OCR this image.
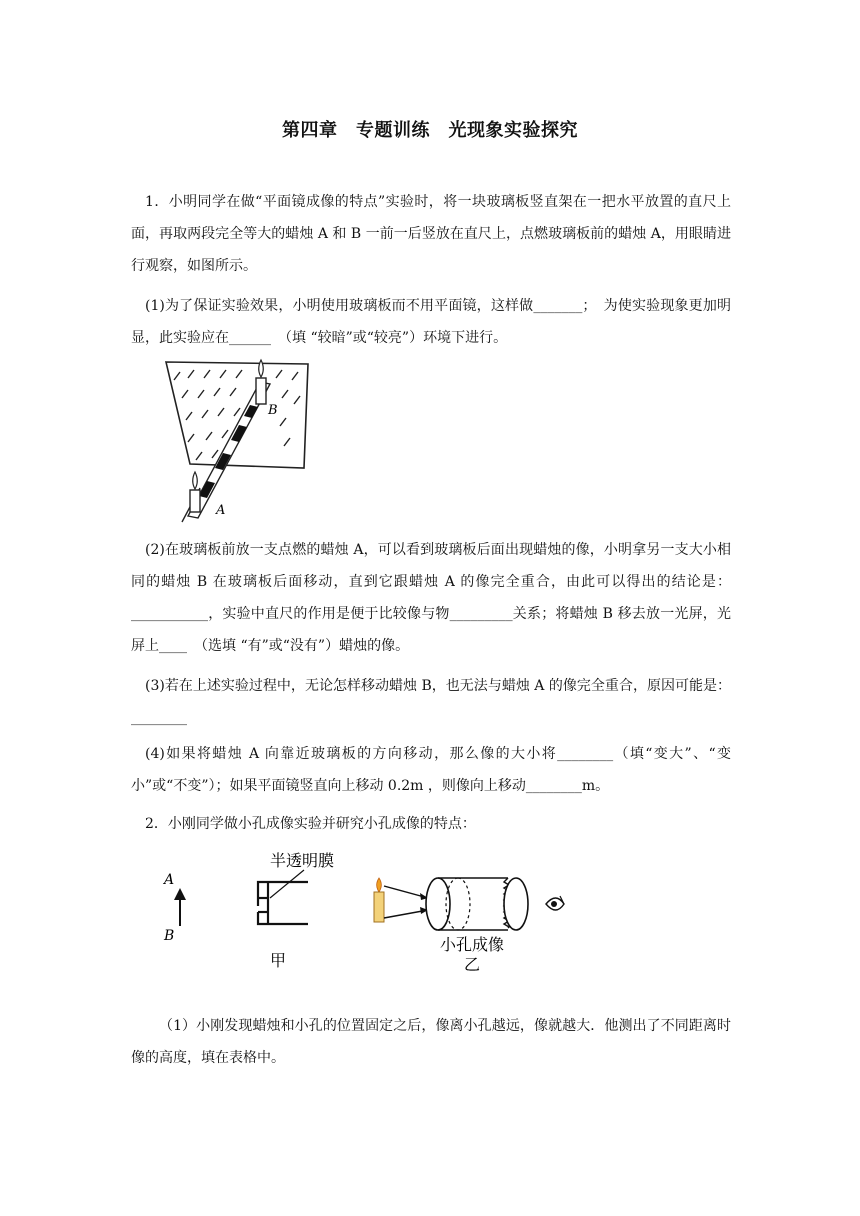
第四章　专题训练　光现象实验探究
1．小明同学在做“平面镜成像的特点”实验时，将一块玻璃板竖直架在一把水平放置的直尺上面，再取两段完全等大的蜡烛 A 和 B 一前一后竖放在直尺上，点燃玻璃板前的蜡烛 A，用眼睛进行观察，如图所示。
(1)为了保证实验效果，小明使用玻璃板而不用平面镜，这样做_______；　为使实验现象更加明显，此实验应在______　（填 “较暗”或“较亮”）环境下进行。
B
A
(2)在玻璃板前放一支点燃的蜡烛 A，可以看到玻璃板后面出现蜡烛的像，小明拿另一支大小相同的蜡烛 B 在玻璃板后面移动，直到它跟蜡烛 A 的像完全重合，由此可以得出的结论是：___________，实验中直尺的作用是便于比较像与物_________关系；将蜡烛 B 移去放一光屏，光屏上____　（选填 “有”或“没有”）蜡烛的像。
(3)若在上述实验过程中，无论怎样移动蜡烛 B，也无法与蜡烛 A 的像完全重合，原因可能是：________
(4)如果将蜡烛 A 向靠近玻璃板的方向移动，那么像的大小将________（填“变大”、“变小”或“不变”）；如果平面镜竖直向上移动 0.2m ，则像向上移动________m。
2．小刚同学做小孔成像实验并研究小孔成像的特点：
A
B
半透明膜
甲
小孔成像
乙
（1）小刚发现蜡烛和小孔的位置固定之后，像离小孔越远，像就越大．他测出了不同距离时像的高度，填在表格中。
